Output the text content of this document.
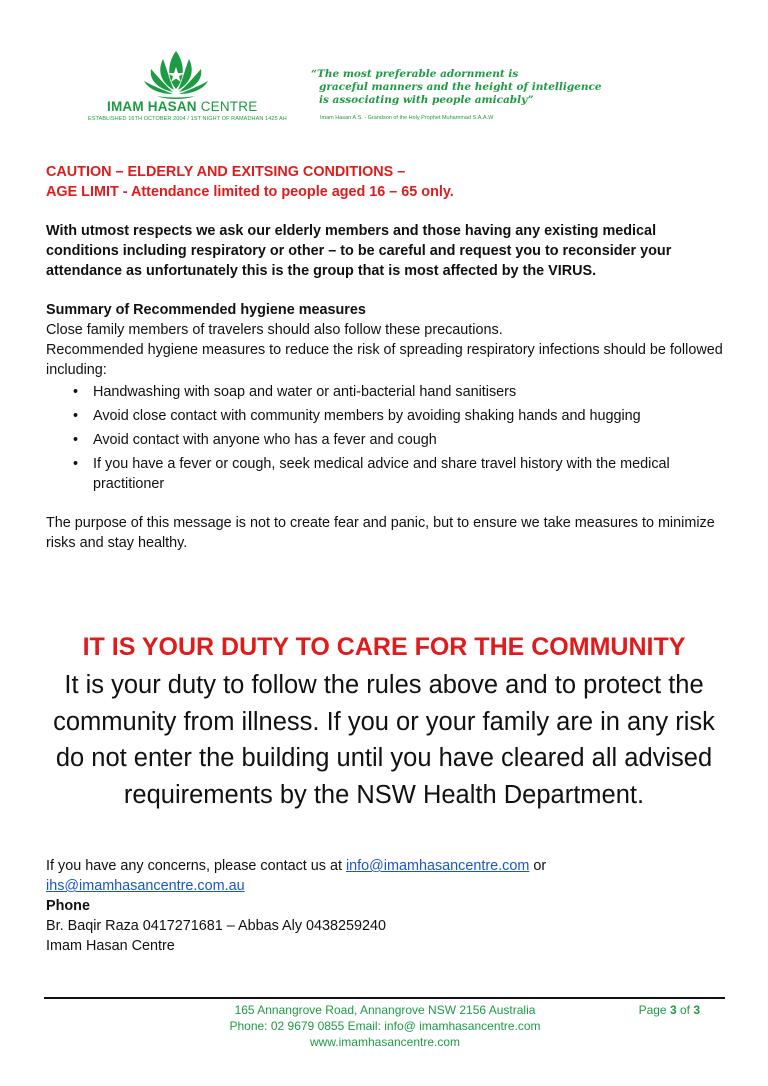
IMAM HASAN CENTRE
ESTABLISHED 16TH OCTOBER 2004 / 1ST NIGHT OF RAMADHAN 1425 AH
“The most preferable adornment is
graceful manners and the height of intelligence
is associating with people amicably”
Imam Hasan A.S. - Grandson of the Holy Prophet Muhammad S.A.A.W

CAUTION – ELDERLY AND EXITSING CONDITIONS –

AGE LIMIT - Attendance limited to people aged 16 – 65 only.

With utmost respects we ask our elderly members and those having any existing medical conditions including respiratory or other – to be careful and request you to reconsider your attendance as unfortunately this is the group that is most affected by the VIRUS.

Summary of Recommended hygiene measures

Close family members of travelers should also follow these precautions.

Recommended hygiene measures to reduce the risk of spreading respiratory infections should be followed including:

• Handwashing with soap and water or anti-bacterial hand sanitisers
• Avoid close contact with community members by avoiding shaking hands and hugging
• Avoid contact with anyone who has a fever and cough
• If you have a fever or cough, seek medical advice and share travel history with the medical practitioner

The purpose of this message is not to create fear and panic, but to ensure we take measures to minimize risks and stay healthy.

IT IS YOUR DUTY TO CARE FOR THE COMMUNITY
It is your duty to follow the rules above and to protect the community from illness. If you or your family are in any risk do not enter the building until you have cleared all advised requirements by the NSW Health Department.

If you have any concerns, please contact us at info@imamhasancentre.com or

ihs@imamhasancentre.com.au

Phone

Br. Baqir Raza 0417271681 – Abbas Aly 0438259240

Imam Hasan Centre

165 Annangrove Road, Annangrove NSW 2156 Australia
Phone: 02 9679 0855 Email: info@ imamhasancentre.com
www.imamhasancentre.com
Page 3 of 3
